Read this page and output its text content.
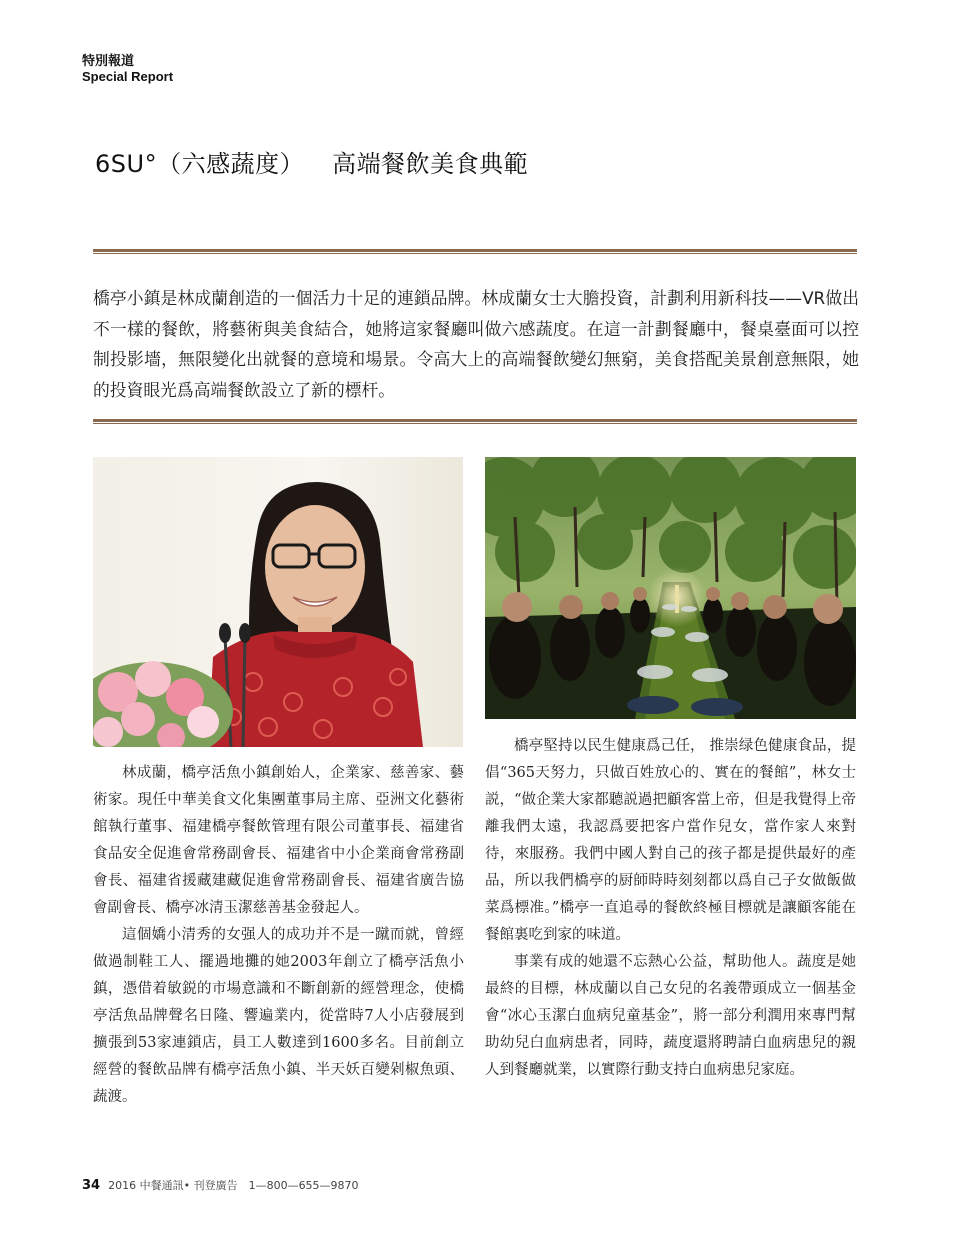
特別報道
Special Report
6SU°（六感蔬度） 高端餐飲美食典範

橋亭小鎮是林成蘭創造的一個活力十足的連鎖品牌。林成蘭女士大膽投資，計劃利用新科技——VR做出不一樣的餐飲，將藝術與美食結合，她將這家餐廳叫做六感蔬度。在這一計劃餐廳中，餐桌臺面可以控制投影墻，無限變化出就餐的意境和場景。令高大上的高端餐飲變幻無窮，美食搭配美景創意無限，她的投資眼光爲高端餐飲設立了新的標杆。

林成蘭，橋亭活魚小鎮創始人，企業家、慈善家、藝術家。現任中華美食文化集團董事局主席、亞洲文化藝術館執行董事、福建橋亭餐飲管理有限公司董事長、福建省食品安全促進會常務副會長、福建省中小企業商會常務副會長、福建省援藏建藏促進會常務副會長、福建省廣告協會副會長、橋亭冰清玉潔慈善基金發起人。

這個嬌小清秀的女强人的成功并不是一蹴而就，曾經做過制鞋工人、擺過地攤的她2003年創立了橋亭活魚小鎮，憑借着敏鋭的市場意識和不斷創新的經營理念，使橋亭活魚品牌聲名日隆、響遍業内，從當時7人小店發展到擴張到53家連鎖店，員工人數達到1600多名。目前創立經營的餐飲品牌有橋亭活魚小鎮、半天妖百變剁椒魚頭、蔬渡。

橋亭堅持以民生健康爲己任， 推崇绿色健康食品，提倡“365天努力，只做百姓放心的、實在的餐館”，林女士説，“做企業大家都聽説過把顧客當上帝，但是我覺得上帝離我們太遠，我認爲要把客户當作兒女，當作家人來對待，來服務。我們中國人對自己的孩子都是提供最好的產品，所以我們橋亭的厨師時時刻刻都以爲自己子女做飯做菜爲標准。”橋亭一直追尋的餐飲終極目標就是讓顧客能在餐館裏吃到家的味道。

事業有成的她還不忘熱心公益，幫助他人。蔬度是她最終的目標，林成蘭以自己女兒的名義帶頭成立一個基金會“冰心玉潔白血病兒童基金”，將一部分利潤用來專門幫助幼兒白血病患者，同時，蔬度還將聘請白血病患兒的親人到餐廳就業，以實際行動支持白血病患兒家庭。

34 2016 中餐通訊• 刊登廣告　1—800—655—9870
